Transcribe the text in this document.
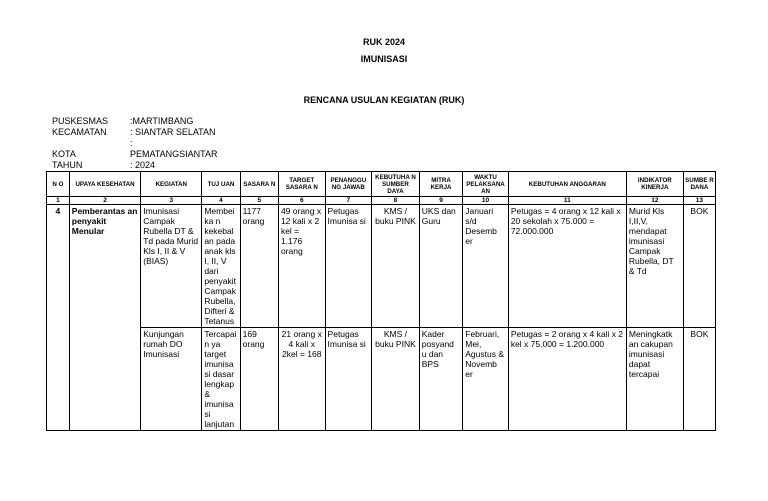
RUK 2024
IMUNISASI
RENCANA USULAN KEGIATAN (RUK)
PUSKESMAS	:MARTIMBANG
KECAMATAN	: SIANTAR SELATAN
:
KOTA	PEMATANGSIANTAR
TAHUN	: 2024
N O	UPAYA KESEHATAN	KEGIATAN	TUJ UAN	SASARA N	TARGET SASARA N	PENANGGU NG JAWAB	KEBUTUHA N SUMBER DAYA	MITRA KERJA	WAKTU PELAKSANA AN	KEBUTUHAN ANGGARAN	INDIKATOR KINERJA	SUMBE R DANA
1	2	3	4	5	6	7	8	9	10	11	12	13
4	Pemberantas an penyakit Menular	Imunisasi Campak Rubella DT & Td pada Murid Kls I, II & V (BIAS)	Membeika n kekebalan pada anak kls I, II, V dari penyakit Campak Rubella, Difteri & Tetanus	1177 orang	49 orang x 12 kali x 2 kel = 1.176 orang	Petugas Imunisa si	KMS / buku PINK	UKS dan Guru	Januari s/d Desemb er	Petugas = 4 orang x 12 kali x 20 sekolah x 75.000 = 72.000.000	Murid Kls I,II,V, mendapat imunisasi Campak Rubella, DT & Td	BOK
		Kunjungan rumah DO Imunisasi	Tercapain ya target imunisasi dasar lengkap & imunisasi lanjutan	169 orang	21 orang x 4 kali x 2kel = 168	Petugas Imunisa si	KMS / buku PINK	Kader posyand u dan BPS	Februari, Mei, Agustus & Novemb er	Petugas = 2 orang x 4 kali x 2 kel x 75.000 = 1.200.000	Meningkatk an cakupan imunisasi dapat tercapai	BOK
